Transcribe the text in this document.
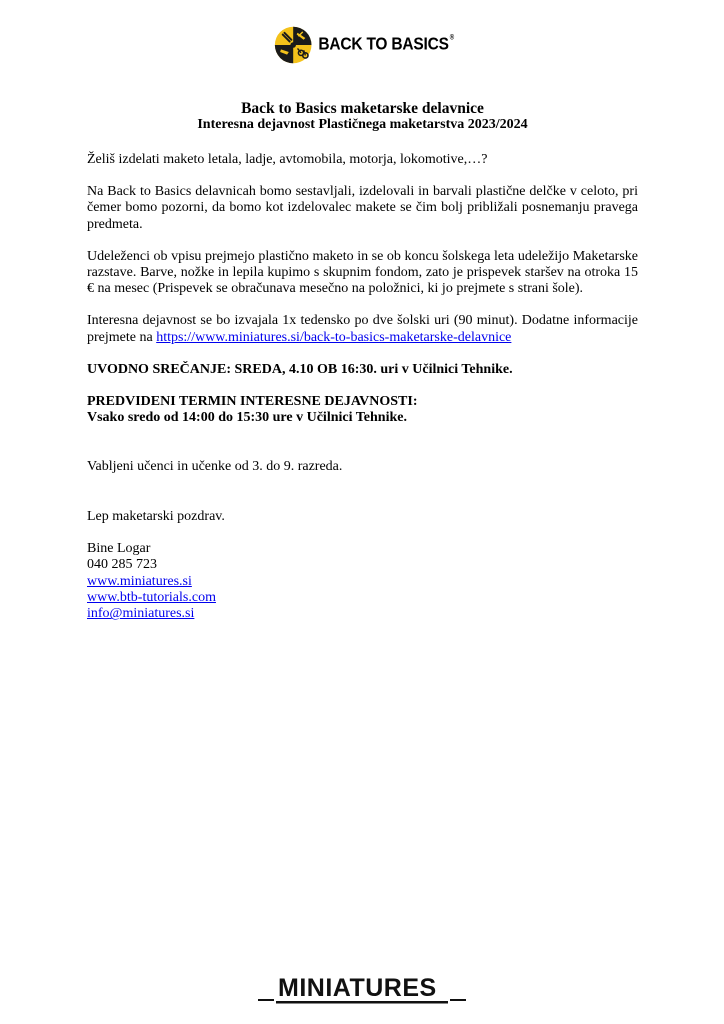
BACK TO BASICS®
Back to Basics maketarske delavnice
Interesna dejavnost Plastičnega maketarstva 2023/2024

Želiš izdelati maketo letala, ladje, avtomobila, motorja, lokomotive,…?

Na Back to Basics delavnicah bomo sestavljali, izdelovali in barvali plastične delčke v celoto, pri čemer bomo pozorni, da bomo kot izdelovalec makete se čim bolj približali posnemanju pravega predmeta.

Udeleženci ob vpisu prejmejo plastično maketo in se ob koncu šolskega leta udeležijo Maketarske razstave. Barve, nožke in lepila kupimo s skupnim fondom, zato je prispevek staršev na otroka 15 € na mesec (Prispevek se obračunava mesečno na položnici, ki jo prejmete s strani šole).

Interesna dejavnost se bo izvajala 1x tedensko po dve šolski uri (90 minut). Dodatne informacije prejmete na https://www.miniatures.si/back-to-basics-maketarske-delavnice

UVODNO SREČANJE: SREDA, 4.10 OB 16:30. uri v Učilnici Tehnike.

PREDVIDENI TERMIN INTERESNE DEJAVNOSTI:
Vsako sredo od 14:00 do 15:30 ure v Učilnici Tehnike.

Vabljeni učenci in učenke od 3. do 9. razreda.

Lep maketarski pozdrav.

Bine Logar
040 285 723
www.miniatures.si
www.btb-tutorials.com
info@miniatures.si
MINIATURES
